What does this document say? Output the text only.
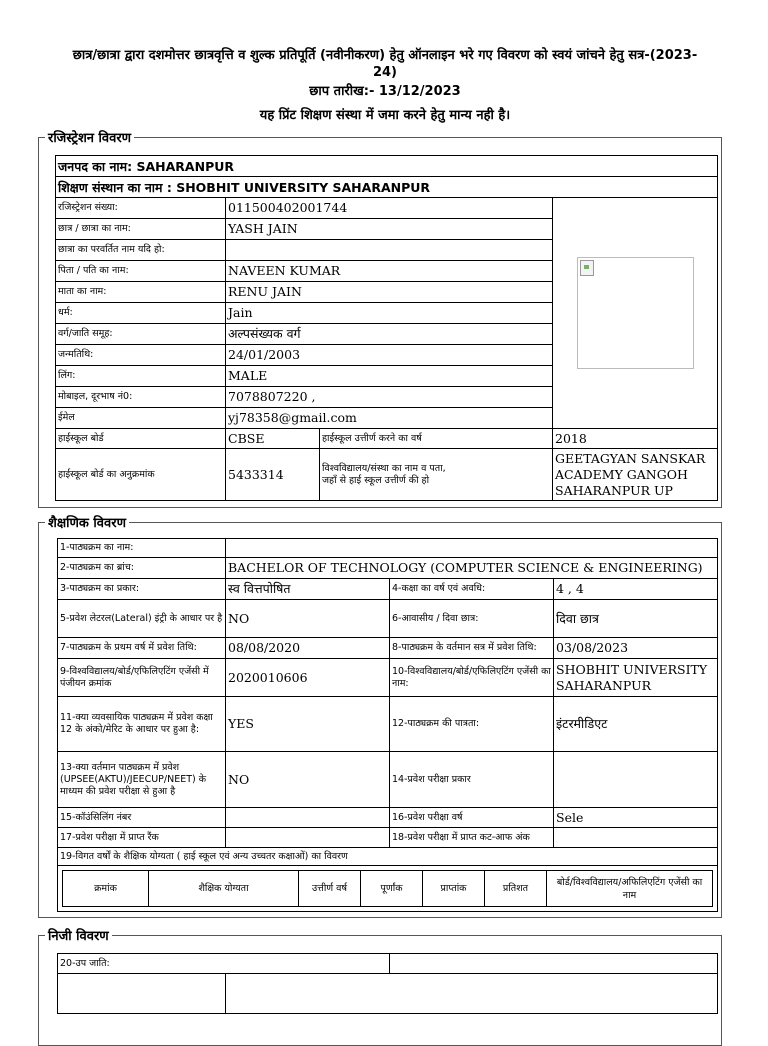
छात्र/छात्रा द्वारा दशमोत्तर छात्रवृत्ति व शुल्क प्रतिपूर्ति (नवीनीकरण) हेतु ऑनलाइन भरे गए विवरण को स्वयं जांचने हेतु सत्र-(2023-
24)
छाप तारीख:- 13/12/2023
यह प्रिंट शिक्षण संस्था में जमा करने हेतु मान्य नही है।
रजिस्ट्रेशन विवरण
जनपद का नाम: SAHARANPUR			
शिक्षण संस्थान का नाम : SHOBHIT UNIVERSITY SAHARANPUR			
रजिस्ट्रेशन संख्या:	011500402001744		

छात्र / छात्रा का नाम:	YASH JAIN		
छात्रा का परवर्तित नाम यदि हो:			
पिता / पति का नाम:	NAVEEN KUMAR		
माता का नाम:	RENU JAIN		
धर्म:	Jain		
वर्ग/जाति समूह:	अल्पसंख्यक वर्ग		
जन्मतिथि:	24/01/2003		
लिंग:	MALE		
मोबाइल, दूरभाष नं0:	7078807220 ,		
ईमेल	yj78358@gmail.com		
हाईस्कूल बोर्ड	CBSE	हाईस्कूल उत्तीर्ण करने का वर्ष	2018
हाईस्कूल बोर्ड का अनुक्रमांक	5433314	विश्वविद्यालय/संस्था का नाम व पता,
जहाँ से हाई स्कूल उत्तीर्ण की हो	GEETAGYAN SANSKAR ACADEMY GANGOH SAHARANPUR UP
शैक्षणिक विवरण
1-पाठ्यक्रम का नाम:	
2-पाठ्यक्रम का ब्रांच:	BACHELOR OF TECHNOLOGY (COMPUTER SCIENCE & ENGINEERING)
3-पाठ्यक्रम का प्रकार:	स्व वित्तपोषित	4-कक्षा का वर्ष एवं अवधि:	4 , 4
5-प्रवेश लेटरल(Lateral) इंट्री के आधार पर है	NO	6-आवासीय / दिवा छात्र:	दिवा छात्र
7-पाठ्यक्रम के प्रथम वर्ष में प्रवेश तिथि:	08/08/2020	8-पाठ्यक्रम के वर्तमान सत्र में प्रवेश तिथि:	03/08/2023
9-विश्वविद्यालय/बोर्ड/एफिलिएटिंग एजेंसी में पंजीयन क्रमांक	2020010606	10-विश्वविद्यालय/बोर्ड/एफिलिएटिंग एजेंसी का नाम:	SHOBHIT UNIVERSITY SAHARANPUR
11-क्या व्यवसायिक पाठ्यक्रम में प्रवेश कक्षा 12 के अंको/मेरिट के आधार पर हुआ है:	YES	12-पाठ्यक्रम की पात्रता:	इंटरमीडिएट
13-क्या वर्तमान पाठ्यक्रम में प्रवेश (UPSEE(AKTU)/JEECUP/NEET) के माध्यम की प्रवेश परीक्षा से हुआ है	NO	14-प्रवेश परीक्षा प्रकार	
15-कॉउंसिलिंग नंबर		16-प्रवेश परीक्षा वर्ष	Sele
17-प्रवेश परीक्षा में प्राप्त रैंक		18-प्रवेश परीक्षा में प्राप्त कट-आफ अंक	
19-विगत वर्षों के शैक्षिक योग्यता ( हाई स्कूल एवं अन्य उच्चतर कक्षाओं) का विवरण

क्रमांक	शैक्षिक योग्यता	उत्तीर्ण वर्ष	पूर्णांक	प्राप्तांक	प्रतिशत	बोर्ड/विश्वविद्यालय/अफिलिएटिंग एजेंसी का नाम
निजी विवरण
20-उप जाति:		
